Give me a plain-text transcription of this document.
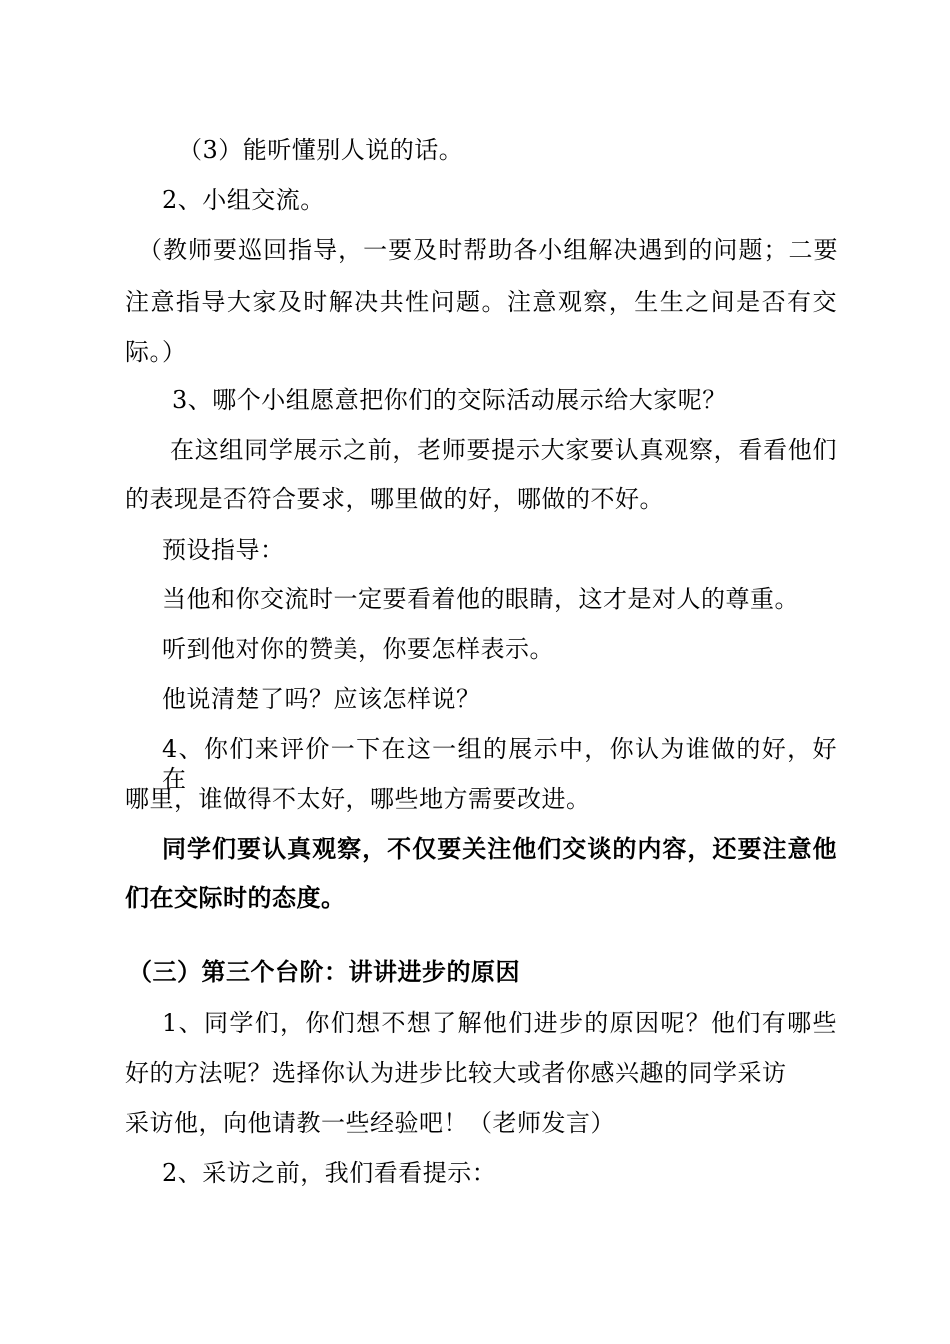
（3）能听懂别人说的话。
2、小组交流。
（教师要巡回指导，一要及时帮助各小组解决遇到的问题；二要
注意指导大家及时解决共性问题。注意观察，生生之间是否有交
际。）
3、哪个小组愿意把你们的交际活动展示给大家呢？
在这组同学展示之前，老师要提示大家要认真观察，看看他们
的表现是否符合要求，哪里做的好，哪做的不好。
预设指导：
当他和你交流时一定要看着他的眼睛，这才是对人的尊重。
听到他对你的赞美，你要怎样表示。
他说清楚了吗？应该怎样说？
4、你们来评价一下在这一组的展示中，你认为谁做的好，好在
哪里，谁做得不太好，哪些地方需要改进。
同学们要认真观察，不仅要关注他们交谈的内容，还要注意他
们在交际时的态度。
（三）第三个台阶：讲讲进步的原因
1、同学们，你们想不想了解他们进步的原因呢？他们有哪些
好的方法呢？选择你认为进步比较大或者你感兴趣的同学采访
采访他，向他请教一些经验吧！（老师发言）
2、采访之前，我们看看提示：
